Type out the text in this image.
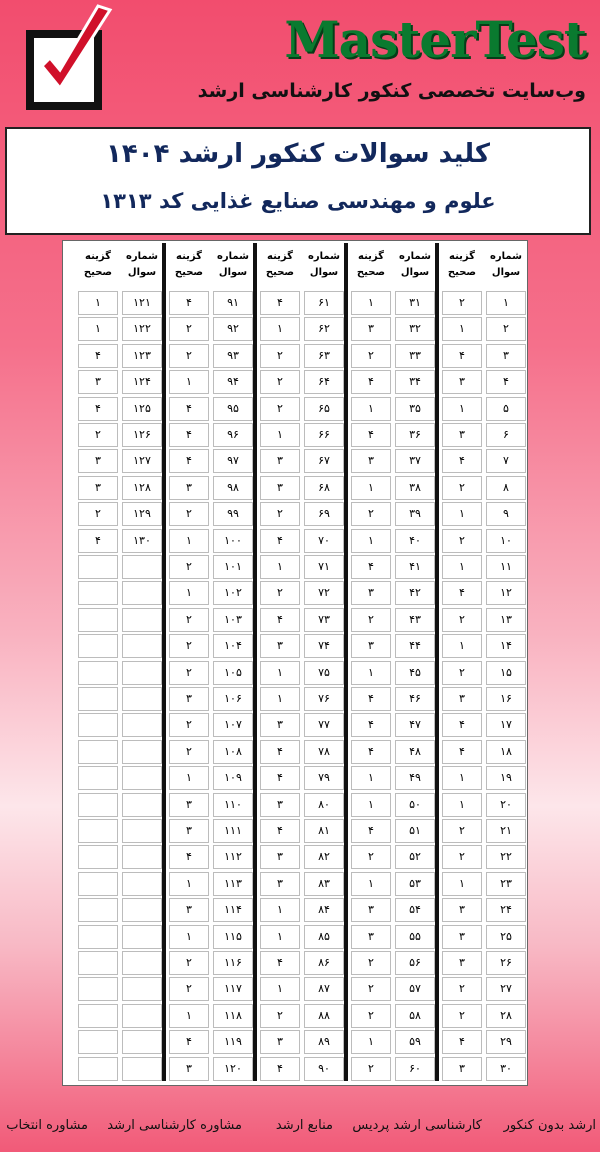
MasterTest
وب‌سایت تخصصی کنکور کارشناسی ارشد
کلید سوالات کنکور ارشد ۱۴۰۴
علوم و مهندسی صنایع غذایی کد ۱۳۱۳
شماره سوال
گزینه صحیح
۱
۲
۲
۱
۳
۴
۴
۳
۵
۱
۶
۳
۷
۴
۸
۲
۹
۱
۱۰
۲
۱۱
۱
۱۲
۴
۱۳
۲
۱۴
۱
۱۵
۲
۱۶
۳
۱۷
۴
۱۸
۴
۱۹
۱
۲۰
۱
۲۱
۲
۲۲
۲
۲۳
۱
۲۴
۳
۲۵
۳
۲۶
۳
۲۷
۲
۲۸
۲
۲۹
۴
۳۰
۳
شماره سوال
گزینه صحیح
۳۱
۱
۳۲
۳
۳۳
۲
۳۴
۴
۳۵
۱
۳۶
۴
۳۷
۳
۳۸
۱
۳۹
۲
۴۰
۱
۴۱
۴
۴۲
۳
۴۳
۲
۴۴
۳
۴۵
۱
۴۶
۴
۴۷
۴
۴۸
۴
۴۹
۱
۵۰
۱
۵۱
۴
۵۲
۲
۵۳
۱
۵۴
۳
۵۵
۳
۵۶
۲
۵۷
۲
۵۸
۲
۵۹
۱
۶۰
۲
شماره سوال
گزینه صحیح
۶۱
۴
۶۲
۱
۶۳
۲
۶۴
۲
۶۵
۲
۶۶
۱
۶۷
۳
۶۸
۳
۶۹
۲
۷۰
۴
۷۱
۱
۷۲
۲
۷۳
۴
۷۴
۳
۷۵
۱
۷۶
۱
۷۷
۳
۷۸
۴
۷۹
۴
۸۰
۳
۸۱
۴
۸۲
۳
۸۳
۳
۸۴
۱
۸۵
۱
۸۶
۴
۸۷
۱
۸۸
۲
۸۹
۳
۹۰
۴
شماره سوال
گزینه صحیح
۹۱
۴
۹۲
۲
۹۳
۲
۹۴
۱
۹۵
۴
۹۶
۴
۹۷
۴
۹۸
۳
۹۹
۲
۱۰۰
۱
۱۰۱
۲
۱۰۲
۱
۱۰۳
۲
۱۰۴
۲
۱۰۵
۲
۱۰۶
۳
۱۰۷
۲
۱۰۸
۲
۱۰۹
۱
۱۱۰
۳
۱۱۱
۳
۱۱۲
۴
۱۱۳
۱
۱۱۴
۳
۱۱۵
۱
۱۱۶
۲
۱۱۷
۲
۱۱۸
۱
۱۱۹
۴
۱۲۰
۳
شماره سوال
گزینه صحیح
۱۲۱
۱
۱۲۲
۱
۱۲۳
۴
۱۲۴
۳
۱۲۵
۴
۱۲۶
۲
۱۲۷
۳
۱۲۸
۳
۱۲۹
۲
۱۳۰
۴
ارشد بدون کنکور
کارشناسی ارشد پردیس
منابع ارشد
مشاوره کارشناسی ارشد
مشاوره انتخاب
